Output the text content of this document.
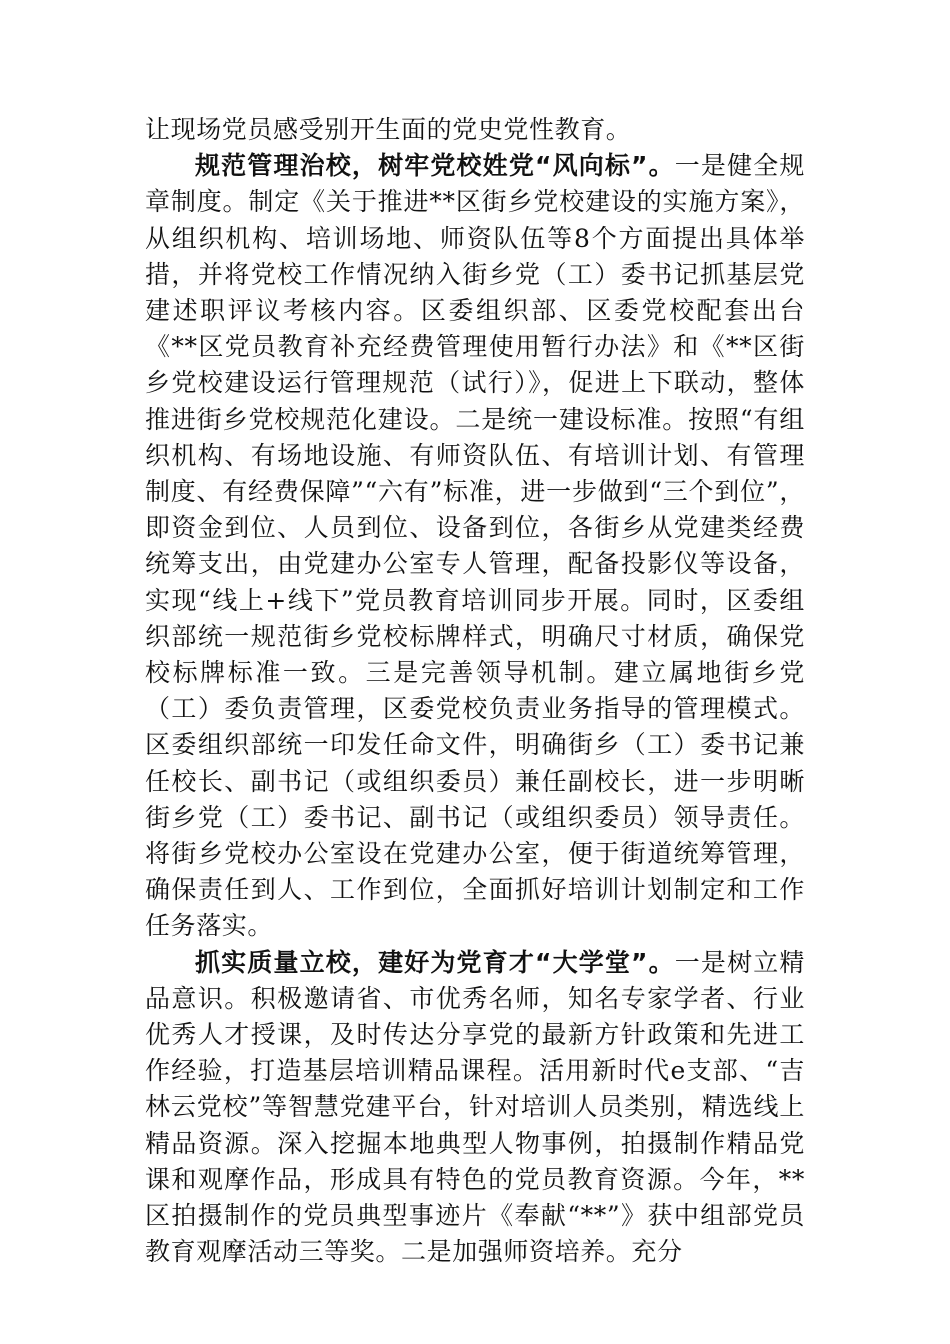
让现场党员感受别开生面的党史党性教育。

规范管理治校，树牢党校姓党“风向标”。一是健全规章制度。制定《关于推进**区街乡党校建设的实施方案》，从组织机构、培训场地、师资队伍等8个方面提出具体举措，并将党校工作情况纳入街乡党（工）委书记抓基层党建述职评议考核内容。区委组织部、区委党校配套出台《**区党员教育补充经费管理使用暂行办法》和《**区街乡党校建设运行管理规范（试行）》，促进上下联动，整体推进街乡党校规范化建设。二是统一建设标准。按照“有组织机构、有场地设施、有师资队伍、有培训计划、有管理制度、有经费保障”“六有”标准，进一步做到“三个到位”，即资金到位、人员到位、设备到位，各街乡从党建类经费统筹支出，由党建办公室专人管理，配备投影仪等设备，实现“线上+线下”党员教育培训同步开展。同时，区委组织部统一规范街乡党校标牌样式，明确尺寸材质，确保党校标牌标准一致。三是完善领导机制。建立属地街乡党（工）委负责管理，区委党校负责业务指导的管理模式。区委组织部统一印发任命文件，明确街乡（工）委书记兼任校长、副书记（或组织委员）兼任副校长，进一步明晰街乡党（工）委书记、副书记（或组织委员）领导责任。将街乡党校办公室设在党建办公室，便于街道统筹管理，确保责任到人、工作到位，全面抓好培训计划制定和工作任务落实。

抓实质量立校，建好为党育才“大学堂”。一是树立精品意识。积极邀请省、市优秀名师，知名专家学者、行业优秀人才授课，及时传达分享党的最新方针政策和先进工作经验，打造基层培训精品课程。活用新时代e支部、“吉林云党校”等智慧党建平台，针对培训人员类别，精选线上精品资源。深入挖掘本地典型人物事例，拍摄制作精品党课和观摩作品，形成具有特色的党员教育资源。今年，**区拍摄制作的党员典型事迹片《奉献“**”》获中组部党员教育观摩活动三等奖。二是加强师资培养。充分
